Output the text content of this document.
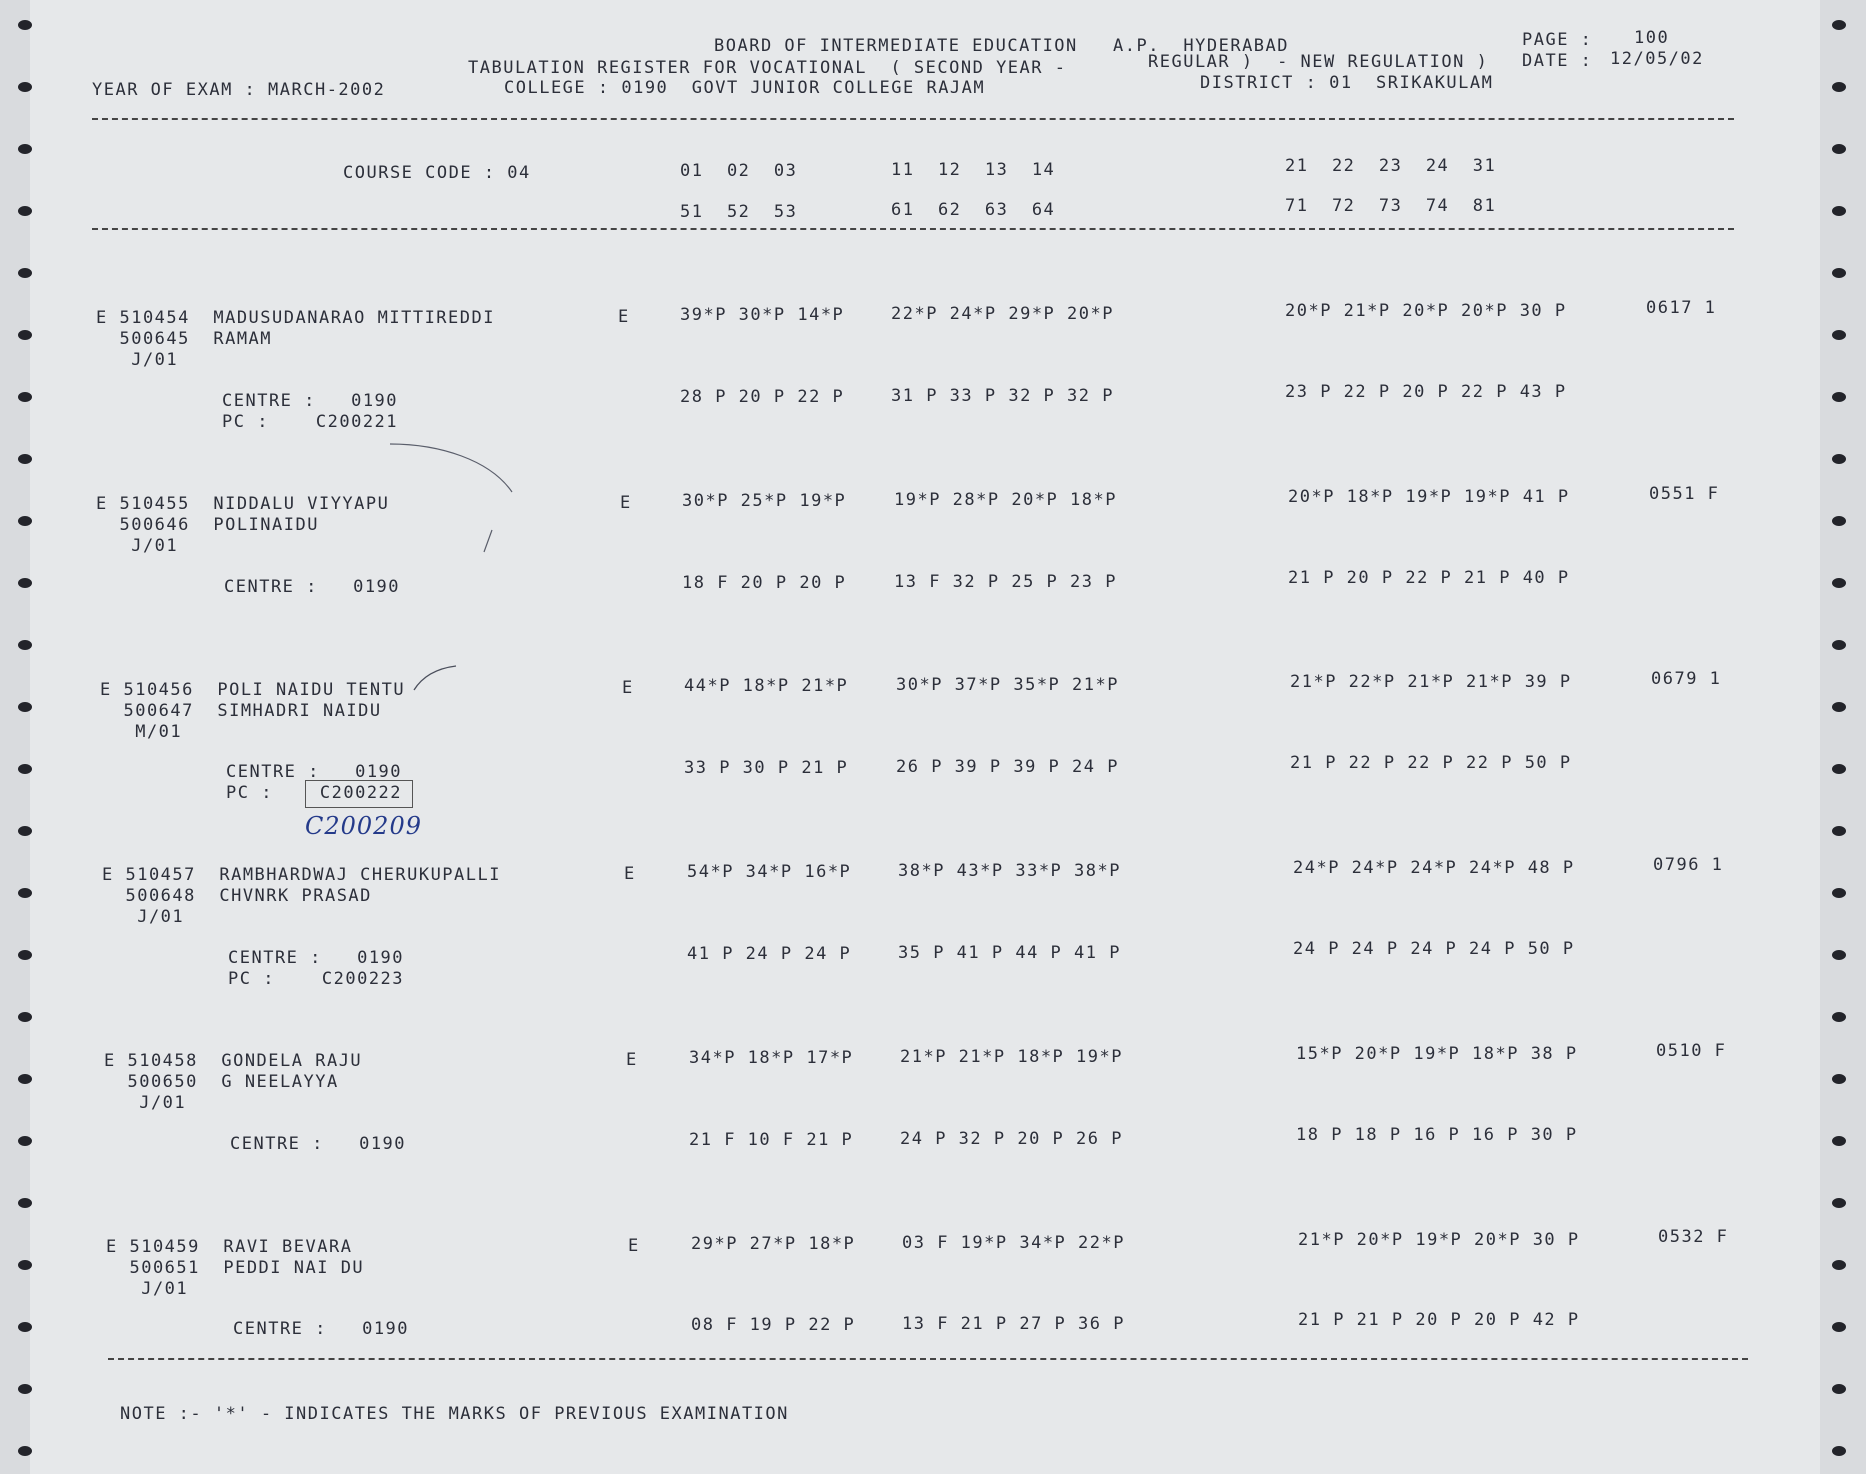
BOARD OF INTERMEDIATE EDUCATION   A.P.  HYDERABAD	PAGE : 100
TABULATION REGISTER FOR VOCATIONAL  ( SECOND YEAR -	REGULAR )  - NEW REGULATION ) DATE : 12/05/02
YEAR OF EXAM : MARCH-2002	COLLEGE : 0190  GOVT JUNIOR COLLEGE RAJAM	DISTRICT : 01  SRIKAKULAM
COURSE CODE : 04	01  02  03	11  12  13  14	21  22  23  24  31
51  52  53	61  62  63  64	71  72  73  74  81
E 510454  MADUSUDANARAO MITTIREDDI
500645  RAMAM
J/01
E	39*P 30*P 14*P	22*P 24*P 29*P 20*P	20*P 21*P 20*P 20*P 30 P	0617 1
CENTRE :   0190
PC :    C200221
28 P 20 P 22 P	31 P 33 P 32 P 32 P	23 P 22 P 20 P 22 P 43 P
E 510455  NIDDALU VIYYAPU
500646  POLINAIDU
J/01
E	30*P 25*P 19*P	19*P 28*P 20*P 18*P	20*P 18*P 19*P 19*P 41 P	0551 F
CENTRE :   0190	18 F 20 P 20 P	13 F 32 P 25 P 23 P	21 P 20 P 22 P 21 P 40 P
E 510456  POLI NAIDU TENTU
500647  SIMHADRI NAIDU
M/01
E	44*P 18*P 21*P	30*P 37*P 35*P 21*P	21*P 22*P 21*P 21*P 39 P	0679 1
CENTRE :   0190
PC :    C200222
33 P 30 P 21 P	26 P 39 P 39 P 24 P	21 P 22 P 22 P 22 P 50 P
E 510457  RAMBHARDWAJ CHERUKUPALLI
500648  CHVNRK PRASAD
J/01
E	54*P 34*P 16*P	38*P 43*P 33*P 38*P	24*P 24*P 24*P 24*P 48 P	0796 1
CENTRE :   0190
PC :    C200223
41 P 24 P 24 P	35 P 41 P 44 P 41 P	24 P 24 P 24 P 24 P 50 P
E 510458  GONDELA RAJU
500650  G NEELAYYA
J/01
E	34*P 18*P 17*P	21*P 21*P 18*P 19*P	15*P 20*P 19*P 18*P 38 P	0510 F
CENTRE :   0190	21 F 10 F 21 P	24 P 32 P 20 P 26 P	18 P 18 P 16 P 16 P 30 P
E 510459  RAVI BEVARA
500651  PEDDI NAI DU
J/01
E	29*P 27*P 18*P	03 F 19*P 34*P 22*P	21*P 20*P 19*P 20*P 30 P	0532 F
CENTRE :   0190	08 F 19 P 22 P	13 F 21 P 27 P 36 P	21 P 21 P 20 P 20 P 42 P
C200209
NOTE :- '*' - INDICATES THE MARKS OF PREVIOUS EXAMINATION
